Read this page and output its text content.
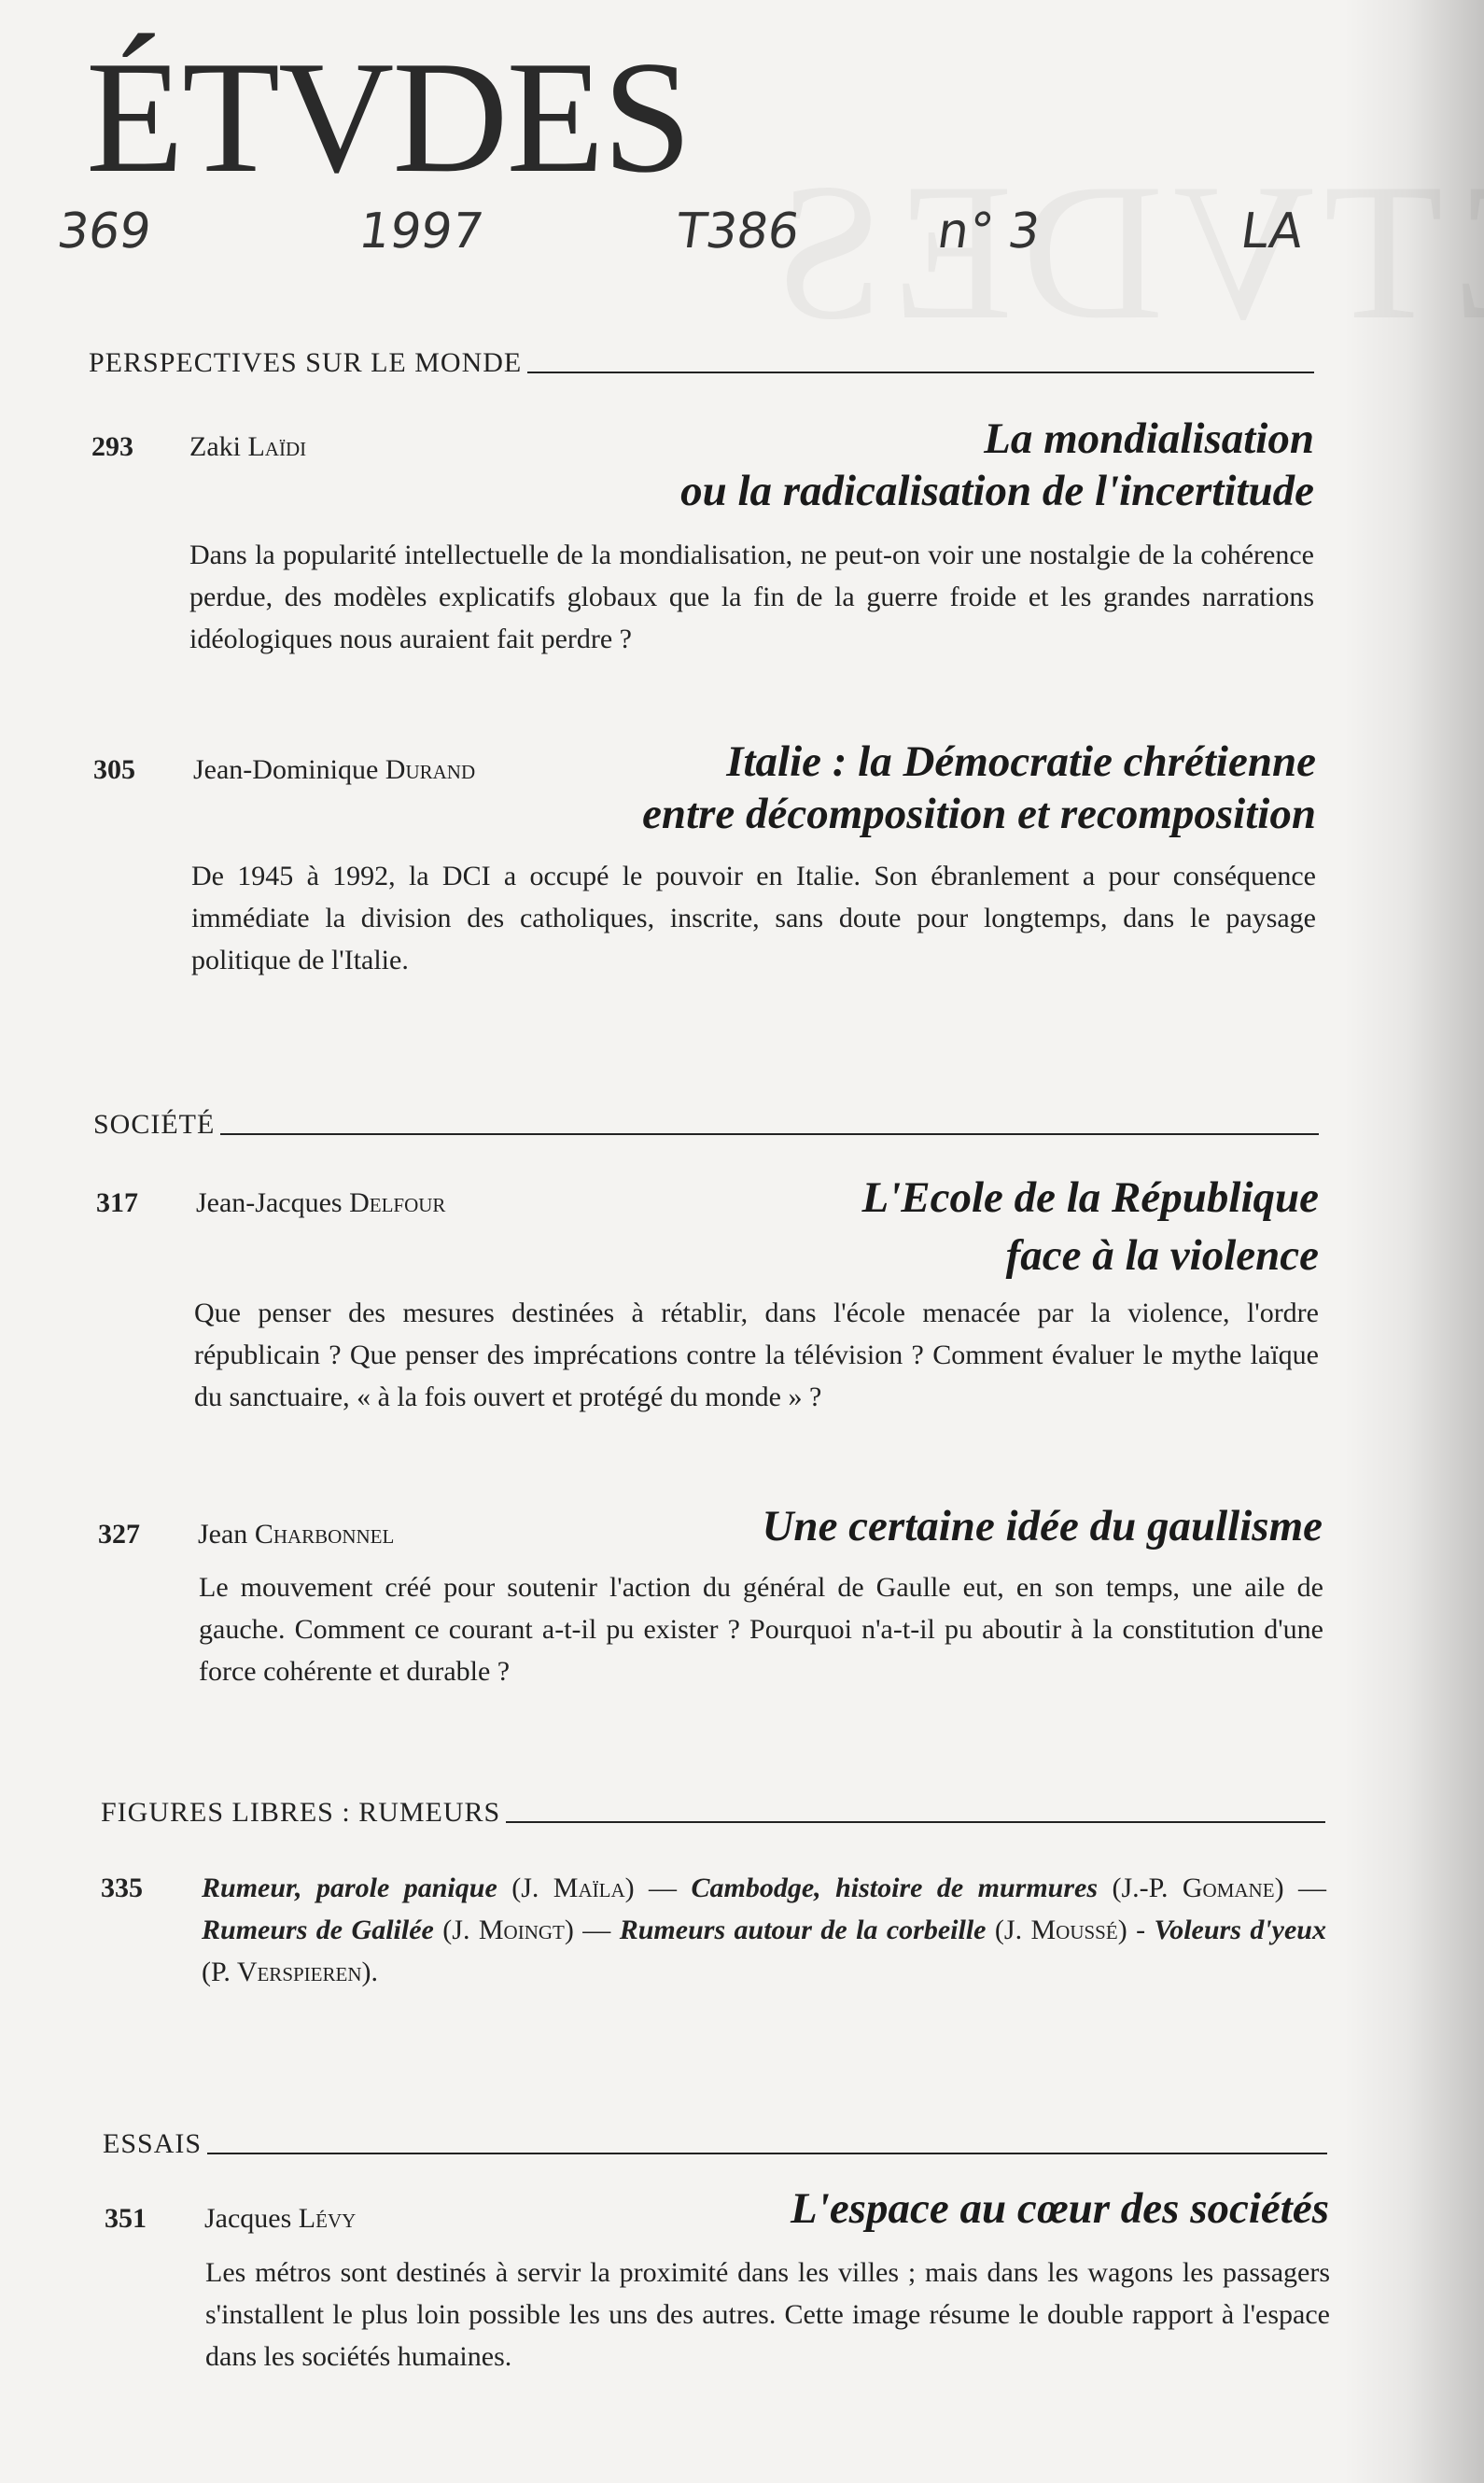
ÉTVDES
369	1997	T386	n° 3	LA
PERSPECTIVES SUR LE MONDE
293 Zaki Laïdi	La mondialisation
ou la radicalisation de l'incertitude

Dans la popularité intellectuelle de la mondialisation, ne peut-on voir une nostalgie de la cohérence perdue, des modèles explicatifs globaux que la fin de la guerre froide et les grandes narrations idéologiques nous auraient fait perdre ?

305 Jean-Dominique Durand	Italie : la Démocratie chrétienne
entre décomposition et recomposition

De 1945 à 1992, la DCI a occupé le pouvoir en Italie. Son ébranlement a pour conséquence immédiate la division des catholiques, inscrite, sans doute pour longtemps, dans le paysage politique de l'Italie.

SOCIÉTÉ
317 Jean-Jacques Delfour	L'Ecole de la République
face à la violence

Que penser des mesures destinées à rétablir, dans l'école menacée par la violence, l'ordre républicain ? Que penser des imprécations contre la télévision ? Comment évaluer le mythe laïque du sanctuaire, « à la fois ouvert et protégé du monde » ?

327 Jean Charbonnel	Une certaine idée du gaullisme

Le mouvement créé pour soutenir l'action du général de Gaulle eut, en son temps, une aile de gauche. Comment ce courant a-t-il pu exister ? Pourquoi n'a-t-il pu aboutir à la constitution d'une force cohérente et durable ?

FIGURES LIBRES : RUMEURS
335 Rumeur, parole panique (J. Maïla) — Cambodge, histoire de murmures (J.-P. Gomane) — Rumeurs de Galilée (J. Moingt) — Rumeurs autour de la corbeille (J. Moussé) - Voleurs d'yeux (P. Verspieren).

ESSAIS
351 Jacques Lévy	L'espace au cœur des sociétés

Les métros sont destinés à servir la proximité dans les villes ; mais dans les wagons les passagers s'installent le plus loin possible les uns des autres. Cette image résume le double rapport à l'espace dans les sociétés humaines.
